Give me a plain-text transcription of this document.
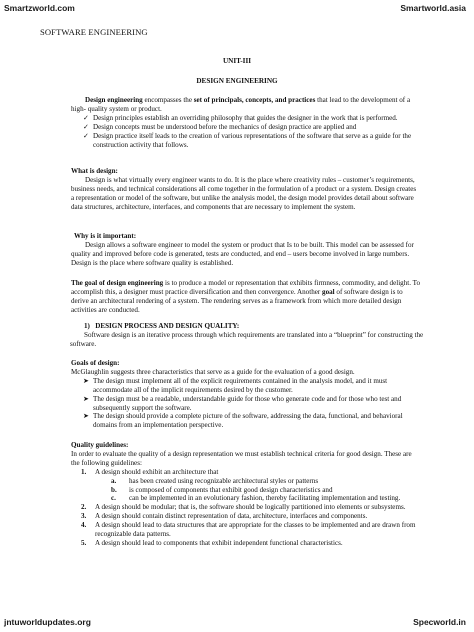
Smartzworld.com	Smartworld.asia
jntuworldupdates.org	Specworld.in
SOFTWARE ENGINEERING
UNIT-III
DESIGN ENGINEERING

Design engineering encompasses the set of principals, concepts, and practices that lead to the development of a high- quality system or product.

✓ Design principles establish an overriding philosophy that guides the designer in the work that is performed.
✓ Design concepts must be understood before the mechanics of design practice are applied and
✓ Design practice itself leads to the creation of various representations of the software that serve as a guide for the construction activity that follows.

What is design:

Design is what virtually every engineer wants to do. It is the place where creativity rules – customer’s requirements, business needs, and technical considerations all come together in the formulation of a product or a system. Design creates a representation or model of the software, but unlike the analysis model, the design model provides detail about software data structures, architecture, interfaces, and components that are necessary to implement the system.

Why is it important:

Design allows a software engineer to model the system or product that Is to be built. This model can be assessed for quality and improved before code is generated, tests are conducted, and end – users become involved in large numbers. Design is the place where software quality is established.

The goal of design engineering is to produce a model or representation that exhibits firmness, commodity, and delight. To accomplish this, a designer must practice diversification and then convergence. Another goal of software design is to derive an architectural rendering of a system. The rendering serves as a framework from which more detailed design activities are conducted.

1) DESIGN PROCESS AND DESIGN QUALITY:

Software design is an iterative process through which requirements are translated into a “blueprint” for constructing the software.

Goals of design:

McGlaughlin suggests three characteristics that serve as a guide for the evaluation of a good design.

➤ The design must implement all of the explicit requirements contained in the analysis model, and it must accommodate all of the implicit requirements desired by the customer.
➤ The design must be a readable, understandable guide for those who generate code and for those who test and subsequently support the software.
➤ The design should provide a complete picture of the software, addressing the data, functional, and behavioral domains from an implementation perspective.

Quality guidelines:

In order to evaluate the quality of a design representation we must establish technical criteria for good design. These are the following guidelines:

1. A design should exhibit an architecture that
a. has been created using recognizable architectural styles or patterns
b. is composed of components that exhibit good design characteristics and
c. can be implemented in an evolutionary fashion, thereby facilitating implementation and testing.
2. A design should be modular; that is, the software should be logically partitioned into elements or subsystems.
3. A design should contain distinct representation of data, architecture, interfaces and components.
4. A design should lead to data structures that are appropriate for the classes to be implemented and are drawn from recognizable data patterns.
5. A design should lead to components that exhibit independent functional characteristics.
